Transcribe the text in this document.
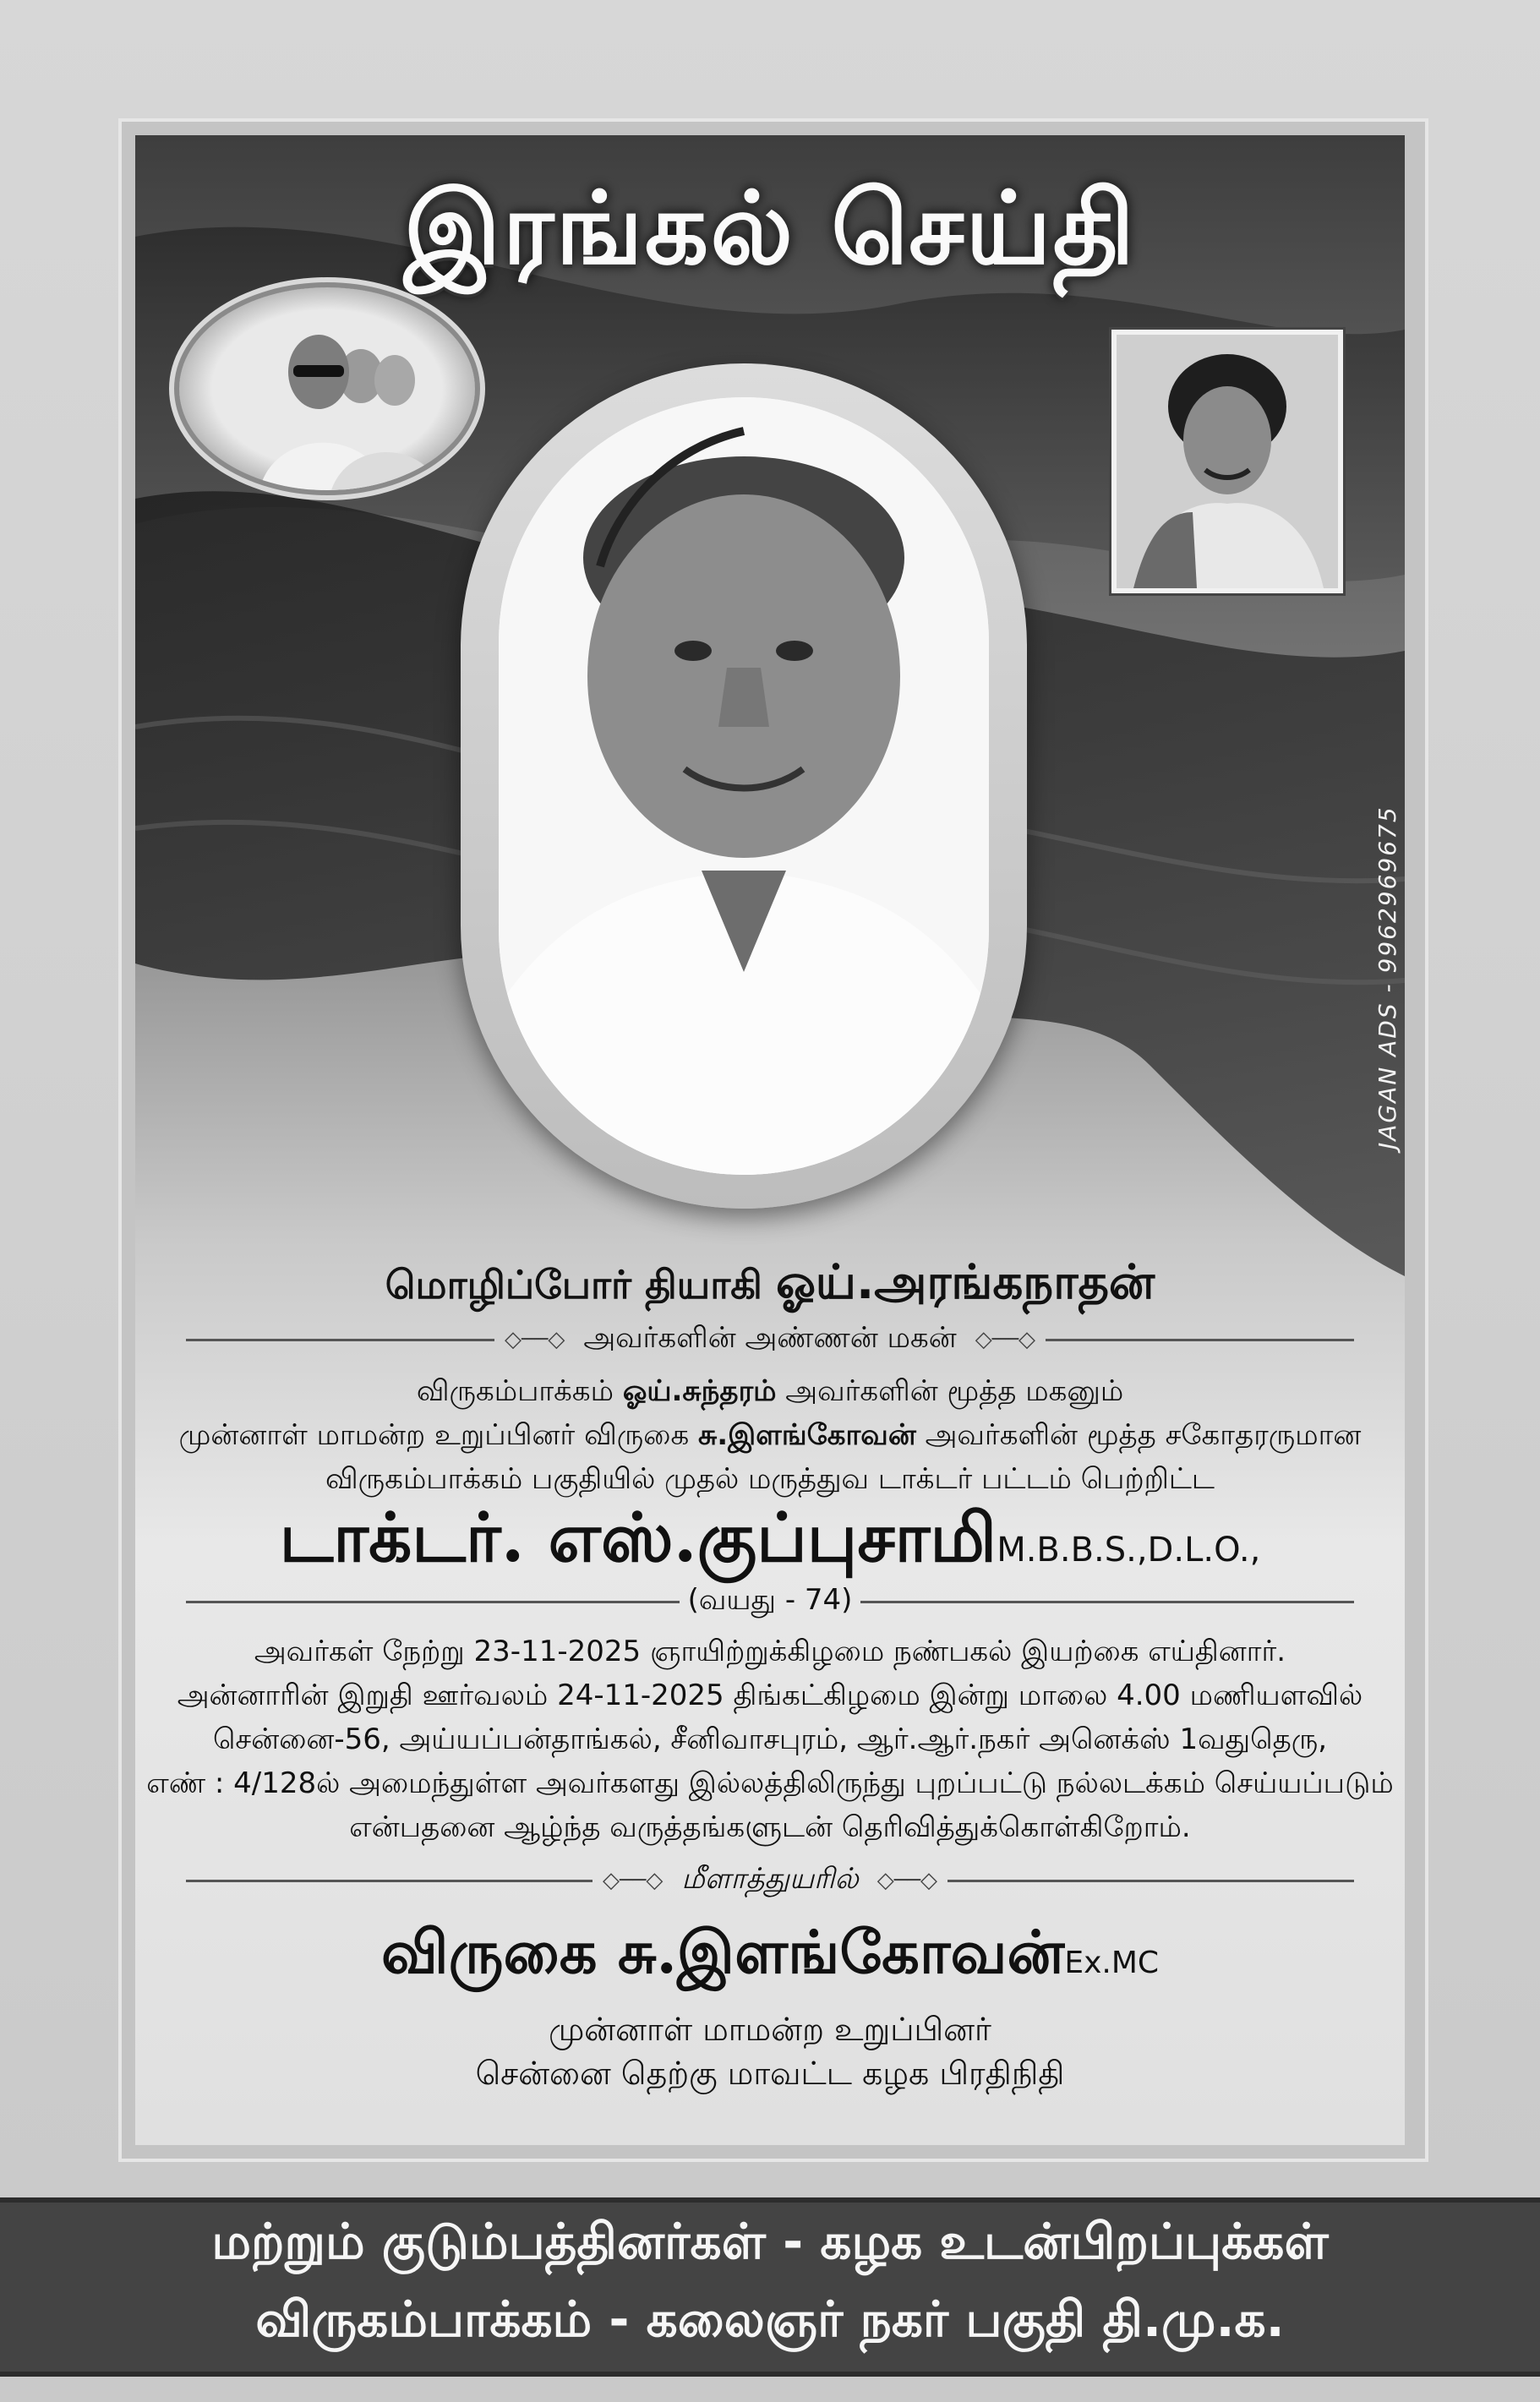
இரங்கல் செய்தி
JAGAN ADS - 9962969675
மொழிப்போர் தியாகி ஓய்.அரங்கநாதன்
◇──◇ அவர்களின் அண்ணன் மகன் ◇──◇
விருகம்பாக்கம் ஓய்.சுந்தரம் அவர்களின் மூத்த மகனும்
முன்னாள் மாமன்ற உறுப்பினர் விருகை சு.இளங்கோவன் அவர்களின் மூத்த சகோதரருமான
விருகம்பாக்கம் பகுதியில் முதல் மருத்துவ டாக்டர் பட்டம் பெற்றிட்ட
டாக்டர். எஸ்.குப்புசாமிM.B.B.S.,D.L.O.,
(வயது - 74)
அவர்கள் நேற்று 23-11-2025 ஞாயிற்றுக்கிழமை நண்பகல் இயற்கை எய்தினார்.
அன்னாரின் இறுதி ஊர்வலம் 24-11-2025 திங்கட்கிழமை இன்று மாலை 4.00 மணியளவில்
சென்னை-56, அய்யப்பன்தாங்கல், சீனிவாசபுரம், ஆர்.ஆர்.நகர் அனெக்ஸ் 1வதுதெரு,
எண் : 4/128ல் அமைந்துள்ள அவர்களது இல்லத்திலிருந்து புறப்பட்டு நல்லடக்கம் செய்யப்படும்
என்பதனை ஆழ்ந்த வருத்தங்களுடன் தெரிவித்துக்கொள்கிறோம்.
◇──◇ மீளாத்துயரில் ◇──◇
விருகை சு.இளங்கோவன்Ex.MC
முன்னாள் மாமன்ற உறுப்பினர்
சென்னை தெற்கு மாவட்ட கழக பிரதிநிதி
மற்றும் குடும்பத்தினர்கள் - கழக உடன்பிறப்புக்கள்
விருகம்பாக்கம் - கலைஞர் நகர் பகுதி தி.மு.க.
